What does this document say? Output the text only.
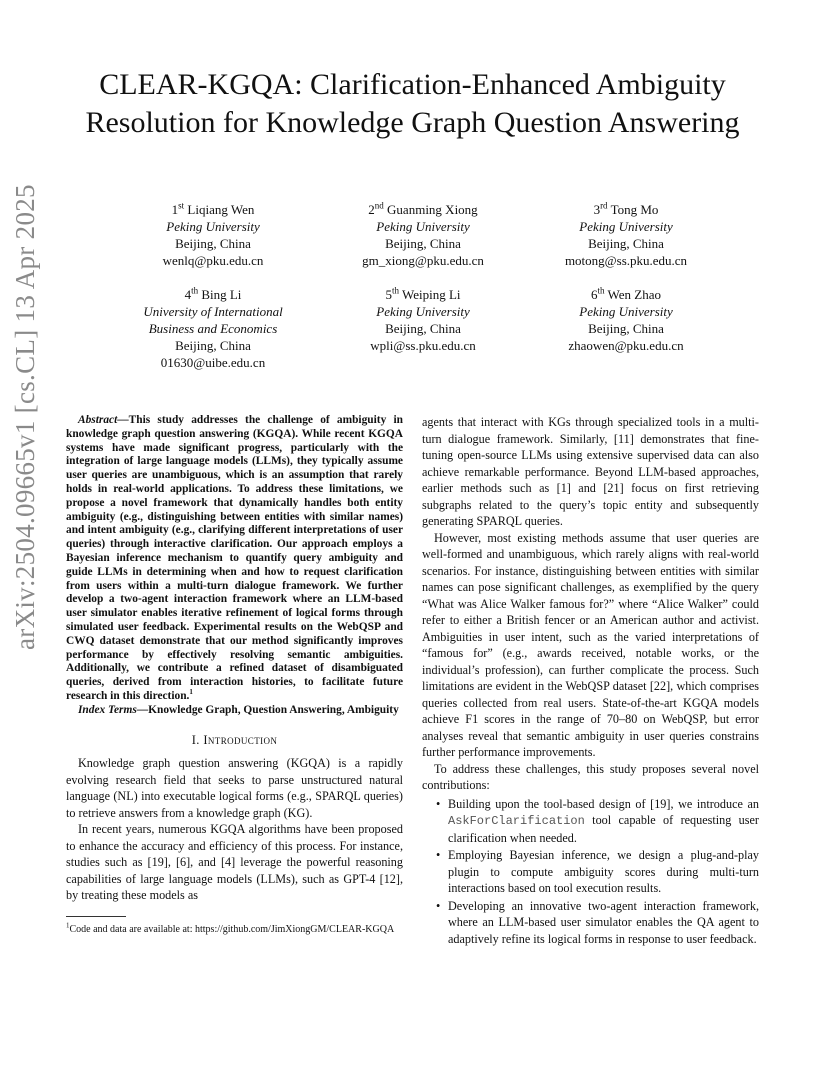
arXiv:2504.09665v1 [cs.CL] 13 Apr 2025
CLEAR-KGQA: Clarification-Enhanced Ambiguity Resolution for Knowledge Graph Question Answering
1st Liqiang Wen
Peking University
Beijing, China
wenlq@pku.edu.cn
2nd Guanming Xiong
Peking University
Beijing, China
gm_xiong@pku.edu.cn
3rd Tong Mo
Peking University
Beijing, China
motong@ss.pku.edu.cn
4th Bing Li
University of International
Business and Economics
Beijing, China
01630@uibe.edu.cn
5th Weiping Li
Peking University
Beijing, China
wpli@ss.pku.edu.cn
6th Wen Zhao
Peking University
Beijing, China
zhaowen@pku.edu.cn

Abstract—This study addresses the challenge of ambiguity in knowledge graph question answering (KGQA). While recent KGQA systems have made significant progress, particularly with the integration of large language models (LLMs), they typically assume user queries are unambiguous, which is an assumption that rarely holds in real-world applications. To address these limitations, we propose a novel framework that dynamically handles both entity ambiguity (e.g., distinguishing between entities with similar names) and intent ambiguity (e.g., clarifying different interpretations of user queries) through interactive clarification. Our approach employs a Bayesian inference mechanism to quantify query ambiguity and guide LLMs in determining when and how to request clarification from users within a multi-turn dialogue framework. We further develop a two-agent interaction framework where an LLM-based user simulator enables iterative refinement of logical forms through simulated user feedback. Experimental results on the WebQSP and CWQ dataset demonstrate that our method significantly improves performance by effectively resolving semantic ambiguities. Additionally, we contribute a refined dataset of disambiguated queries, derived from interaction histories, to facilitate future research in this direction.$^1$

Index Terms—Knowledge Graph, Question Answering, Ambiguity

I. Introduction

Knowledge graph question answering (KGQA) is a rapidly evolving research field that seeks to parse unstructured natural language (NL) into executable logical forms (e.g., SPARQL queries) to retrieve answers from a knowledge graph (KG).

In recent years, numerous KGQA algorithms have been proposed to enhance the accuracy and efficiency of this process. For instance, studies such as [19], [6], and [4] leverage the powerful reasoning capabilities of large language models (LLMs), such as GPT-4 [12], by treating these models as

$^1$Code and data are available at: https://github.com/JimXiongGM/CLEAR-KGQA

agents that interact with KGs through specialized tools in a multi-turn dialogue framework. Similarly, [11] demonstrates that fine-tuning open-source LLMs using extensive supervised data can also achieve remarkable performance. Beyond LLM-based approaches, earlier methods such as [1] and [21] focus on first retrieving subgraphs related to the query’s topic entity and subsequently generating SPARQL queries.

However, most existing methods assume that user queries are well-formed and unambiguous, which rarely aligns with real-world scenarios. For instance, distinguishing between entities with similar names can pose significant challenges, as exemplified by the query “What was Alice Walker famous for?” where “Alice Walker” could refer to either a British fencer or an American author and activist. Ambiguities in user intent, such as the varied interpretations of “famous for” (e.g., awards received, notable works, or the individual’s profession), can further complicate the process. Such limitations are evident in the WebQSP dataset [22], which comprises queries collected from real users. State-of-the-art KGQA models achieve F1 scores in the range of 70–80 on WebQSP, but error analyses reveal that semantic ambiguity in user queries constrains further performance improvements.

To address these challenges, this study proposes several novel contributions:

• Building upon the tool-based design of [19], we introduce an AskForClarification tool capable of requesting user clarification when needed.
• Employing Bayesian inference, we design a plug-and-play plugin to compute ambiguity scores during multi-turn interactions based on tool execution results.
• Developing an innovative two-agent interaction framework, where an LLM-based user simulator enables the QA agent to adaptively refine its logical forms in response to user feedback.
